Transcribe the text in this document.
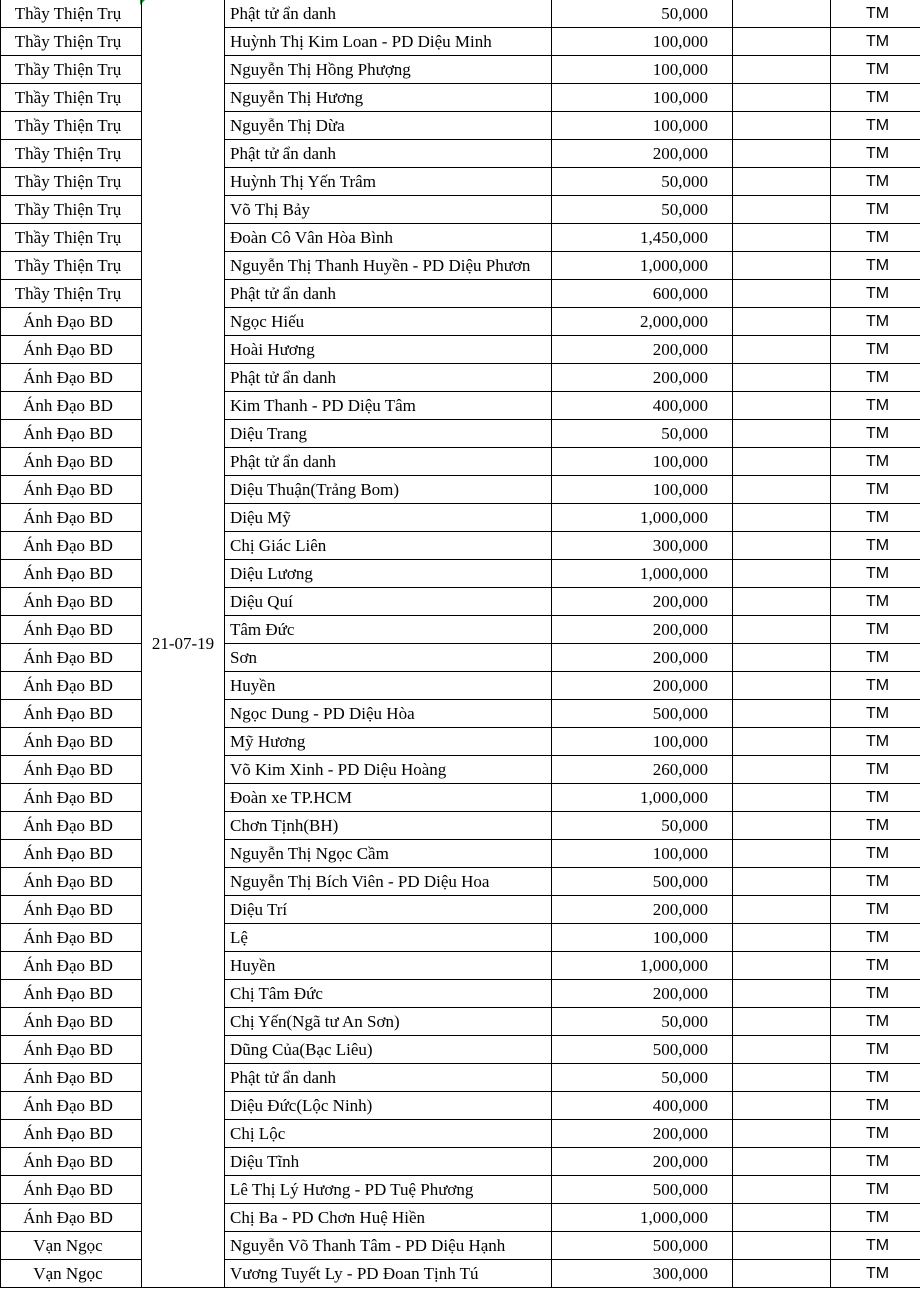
Thầy Thiện Trụ	21-07-19	Phật tử ẩn danh	50,000		TM
Thầy Thiện Trụ		Huỳnh Thị Kim Loan - PD Diệu Minh	100,000		TM
Thầy Thiện Trụ		Nguyễn Thị Hồng Phượng	100,000		TM
Thầy Thiện Trụ		Nguyễn Thị Hương	100,000		TM
Thầy Thiện Trụ		Nguyễn Thị Dừa	100,000		TM
Thầy Thiện Trụ		Phật tử ẩn danh	200,000		TM
Thầy Thiện Trụ		Huỳnh Thị Yến Trâm	50,000		TM
Thầy Thiện Trụ		Võ Thị Bảy	50,000		TM
Thầy Thiện Trụ		Đoàn Cô Vân Hòa Bình	1,450,000		TM
Thầy Thiện Trụ		Nguyễn Thị Thanh Huyền - PD Diệu Phươn	1,000,000		TM
Thầy Thiện Trụ		Phật tử ẩn danh	600,000		TM
Ánh Đạo BD		Ngọc Hiếu	2,000,000		TM
Ánh Đạo BD		Hoài Hương	200,000		TM
Ánh Đạo BD		Phật tử ẩn danh	200,000		TM
Ánh Đạo BD		Kim Thanh - PD Diệu Tâm	400,000		TM
Ánh Đạo BD		Diệu Trang	50,000		TM
Ánh Đạo BD		Phật tử ẩn danh	100,000		TM
Ánh Đạo BD		Diệu Thuận(Trảng Bom)	100,000		TM
Ánh Đạo BD		Diệu Mỹ	1,000,000		TM
Ánh Đạo BD		Chị Giác Liên	300,000		TM
Ánh Đạo BD		Diệu Lương	1,000,000		TM
Ánh Đạo BD		Diệu Quí	200,000		TM
Ánh Đạo BD		Tâm Đức	200,000		TM
Ánh Đạo BD		Sơn	200,000		TM
Ánh Đạo BD		Huyền	200,000		TM
Ánh Đạo BD		Ngọc Dung - PD Diệu Hòa	500,000		TM
Ánh Đạo BD		Mỹ Hương	100,000		TM
Ánh Đạo BD		Võ Kim Xinh - PD Diệu Hoàng	260,000		TM
Ánh Đạo BD		Đoàn xe TP.HCM	1,000,000		TM
Ánh Đạo BD		Chơn Tịnh(BH)	50,000		TM
Ánh Đạo BD		Nguyễn Thị Ngọc Cầm	100,000		TM
Ánh Đạo BD		Nguyễn Thị Bích Viên - PD Diệu Hoa	500,000		TM
Ánh Đạo BD		Diệu Trí	200,000		TM
Ánh Đạo BD		Lệ	100,000		TM
Ánh Đạo BD		Huyền	1,000,000		TM
Ánh Đạo BD		Chị Tâm Đức	200,000		TM
Ánh Đạo BD		Chị Yến(Ngã tư An Sơn)	50,000		TM
Ánh Đạo BD		Dũng Của(Bạc Liêu)	500,000		TM
Ánh Đạo BD		Phật tử ẩn danh	50,000		TM
Ánh Đạo BD		Diệu Đức(Lộc Ninh)	400,000		TM
Ánh Đạo BD		Chị Lộc	200,000		TM
Ánh Đạo BD		Diệu Tĩnh	200,000		TM
Ánh Đạo BD		Lê Thị Lý Hương - PD Tuệ Phương	500,000		TM
Ánh Đạo BD		Chị Ba - PD Chơn Huệ Hiền	1,000,000		TM
Vạn Ngọc		Nguyễn Võ Thanh Tâm - PD Diệu Hạnh	500,000		TM
Vạn Ngọc		Vương Tuyết Ly - PD Đoan Tịnh Tú	300,000		TM
